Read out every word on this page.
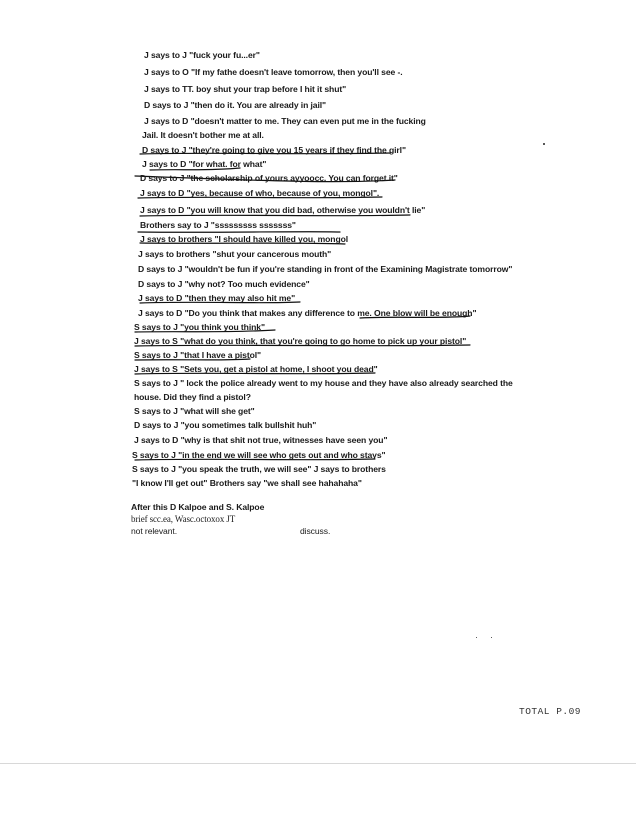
J says to J "fuck your fu...er"
J says to O "If my fathe doesn't leave tomorrow, then you'll see -.
J says to TT. boy shut your trap before I hit it shut"
D says to J "then do it. You are already in jail"
J says to D "doesn't matter to me. They can even put me in the fucking
Jail. It doesn't bother me at all.
D says to J "they're going to give you 15 years if they find the girl"
J says to D "for what. for what"
D says to J "the scholarship of yours ayyoocc. You can forget it"
J says to D "yes, because of who, because of you, mongol".
J says to D "you will know that you did bad, otherwise you wouldn't lie"
Brothers say to J "sssssssss sssssss"
J says to brothers "I should have killed you, mongol
J says to brothers "shut your cancerous mouth"
D says to J "wouldn't be fun if you're standing in front of the Examining Magistrate tomorrow"
D says to J "why not? Too much evidence"
J says to D "then they may also hit me"
J says to D "Do you think that makes any difference to me. One blow will be enough"
S says to J "you think you think"
J says to S "what do you think, that you're going to go home to pick up your pistol"
S says to J "that I have a pistol"
J says to S "Sets you, get a pistol at home, I shoot you dead"
S says to J " lock the police already went to my house and they have also already searched the
house. Did they find a pistol?
S says to J "what will she get"
D says to J "you sometimes talk bullshit huh"
J says to D "why is that shit not true, witnesses have seen you"
S says to J "in the end we will see who gets out and who stays"
S says to J "you speak the truth, we will see" J says to brothers
"I know I'll get out" Brothers say "we shall see hahahaha"
After this D Kalpoe and S. Kalpoe
brief scc.ea, Wasc.octoxox JT
not relevant.	discuss.
TOTAL P.09
